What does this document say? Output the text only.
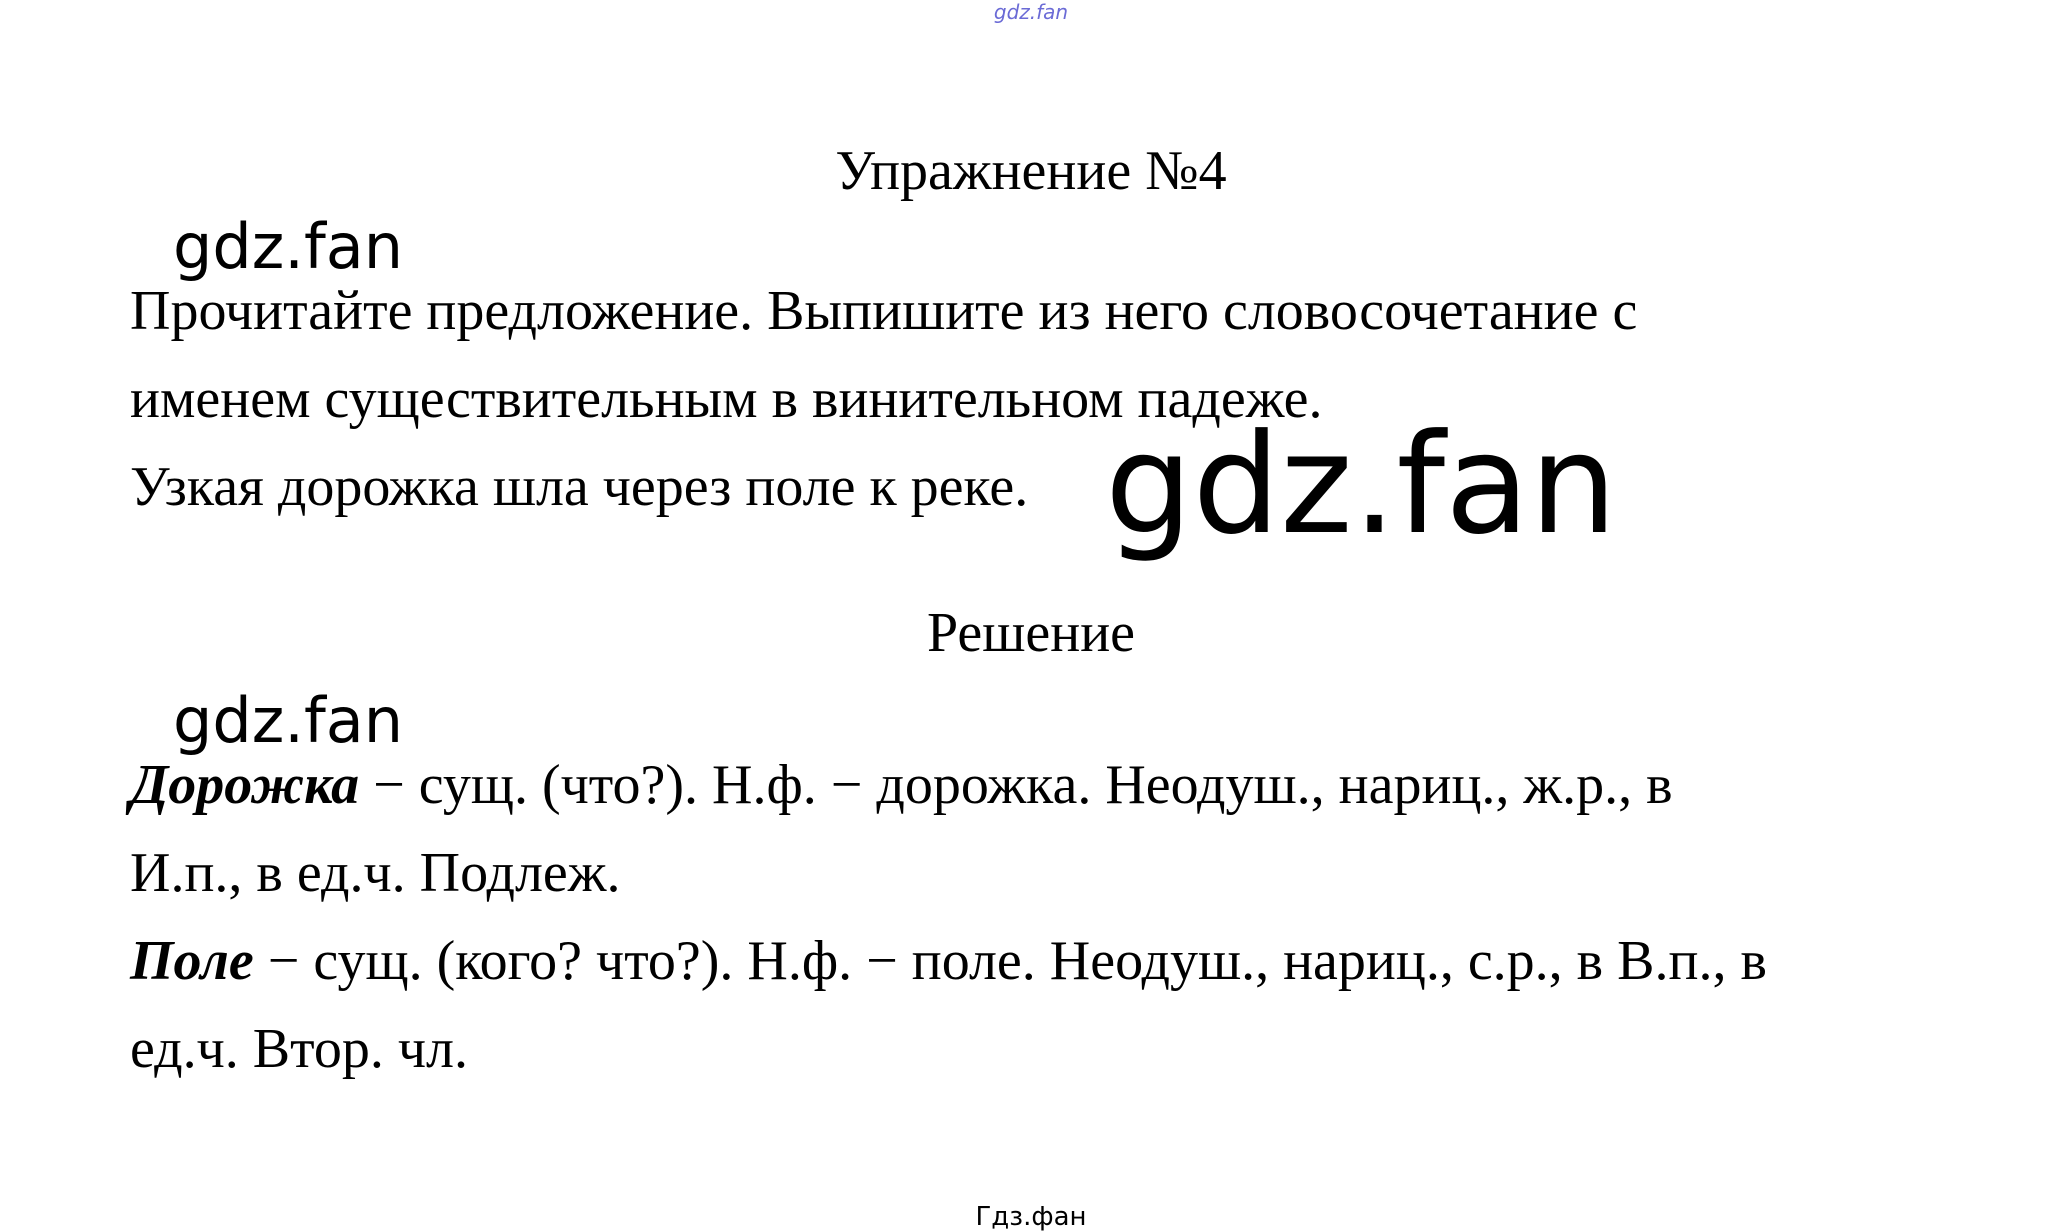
gdz.fan
Упражнение №4
gdz.fan

Прочитайте предложение. Выпишите из него словосочетание с

именем существительным в винительном падеже.

Узкая дорожка шла через поле к реке. gdz.fan
Решение
gdz.fan

Дорожка − сущ. (что?). Н.ф. − дорожка. Неодуш., нариц., ж.р., в

И.п., в ед.ч. Подлеж.

Поле − сущ. (кого? что?). Н.ф. − поле. Неодуш., нариц., с.р., в В.п., в

ед.ч. Втор. чл.

Гдз.фан
